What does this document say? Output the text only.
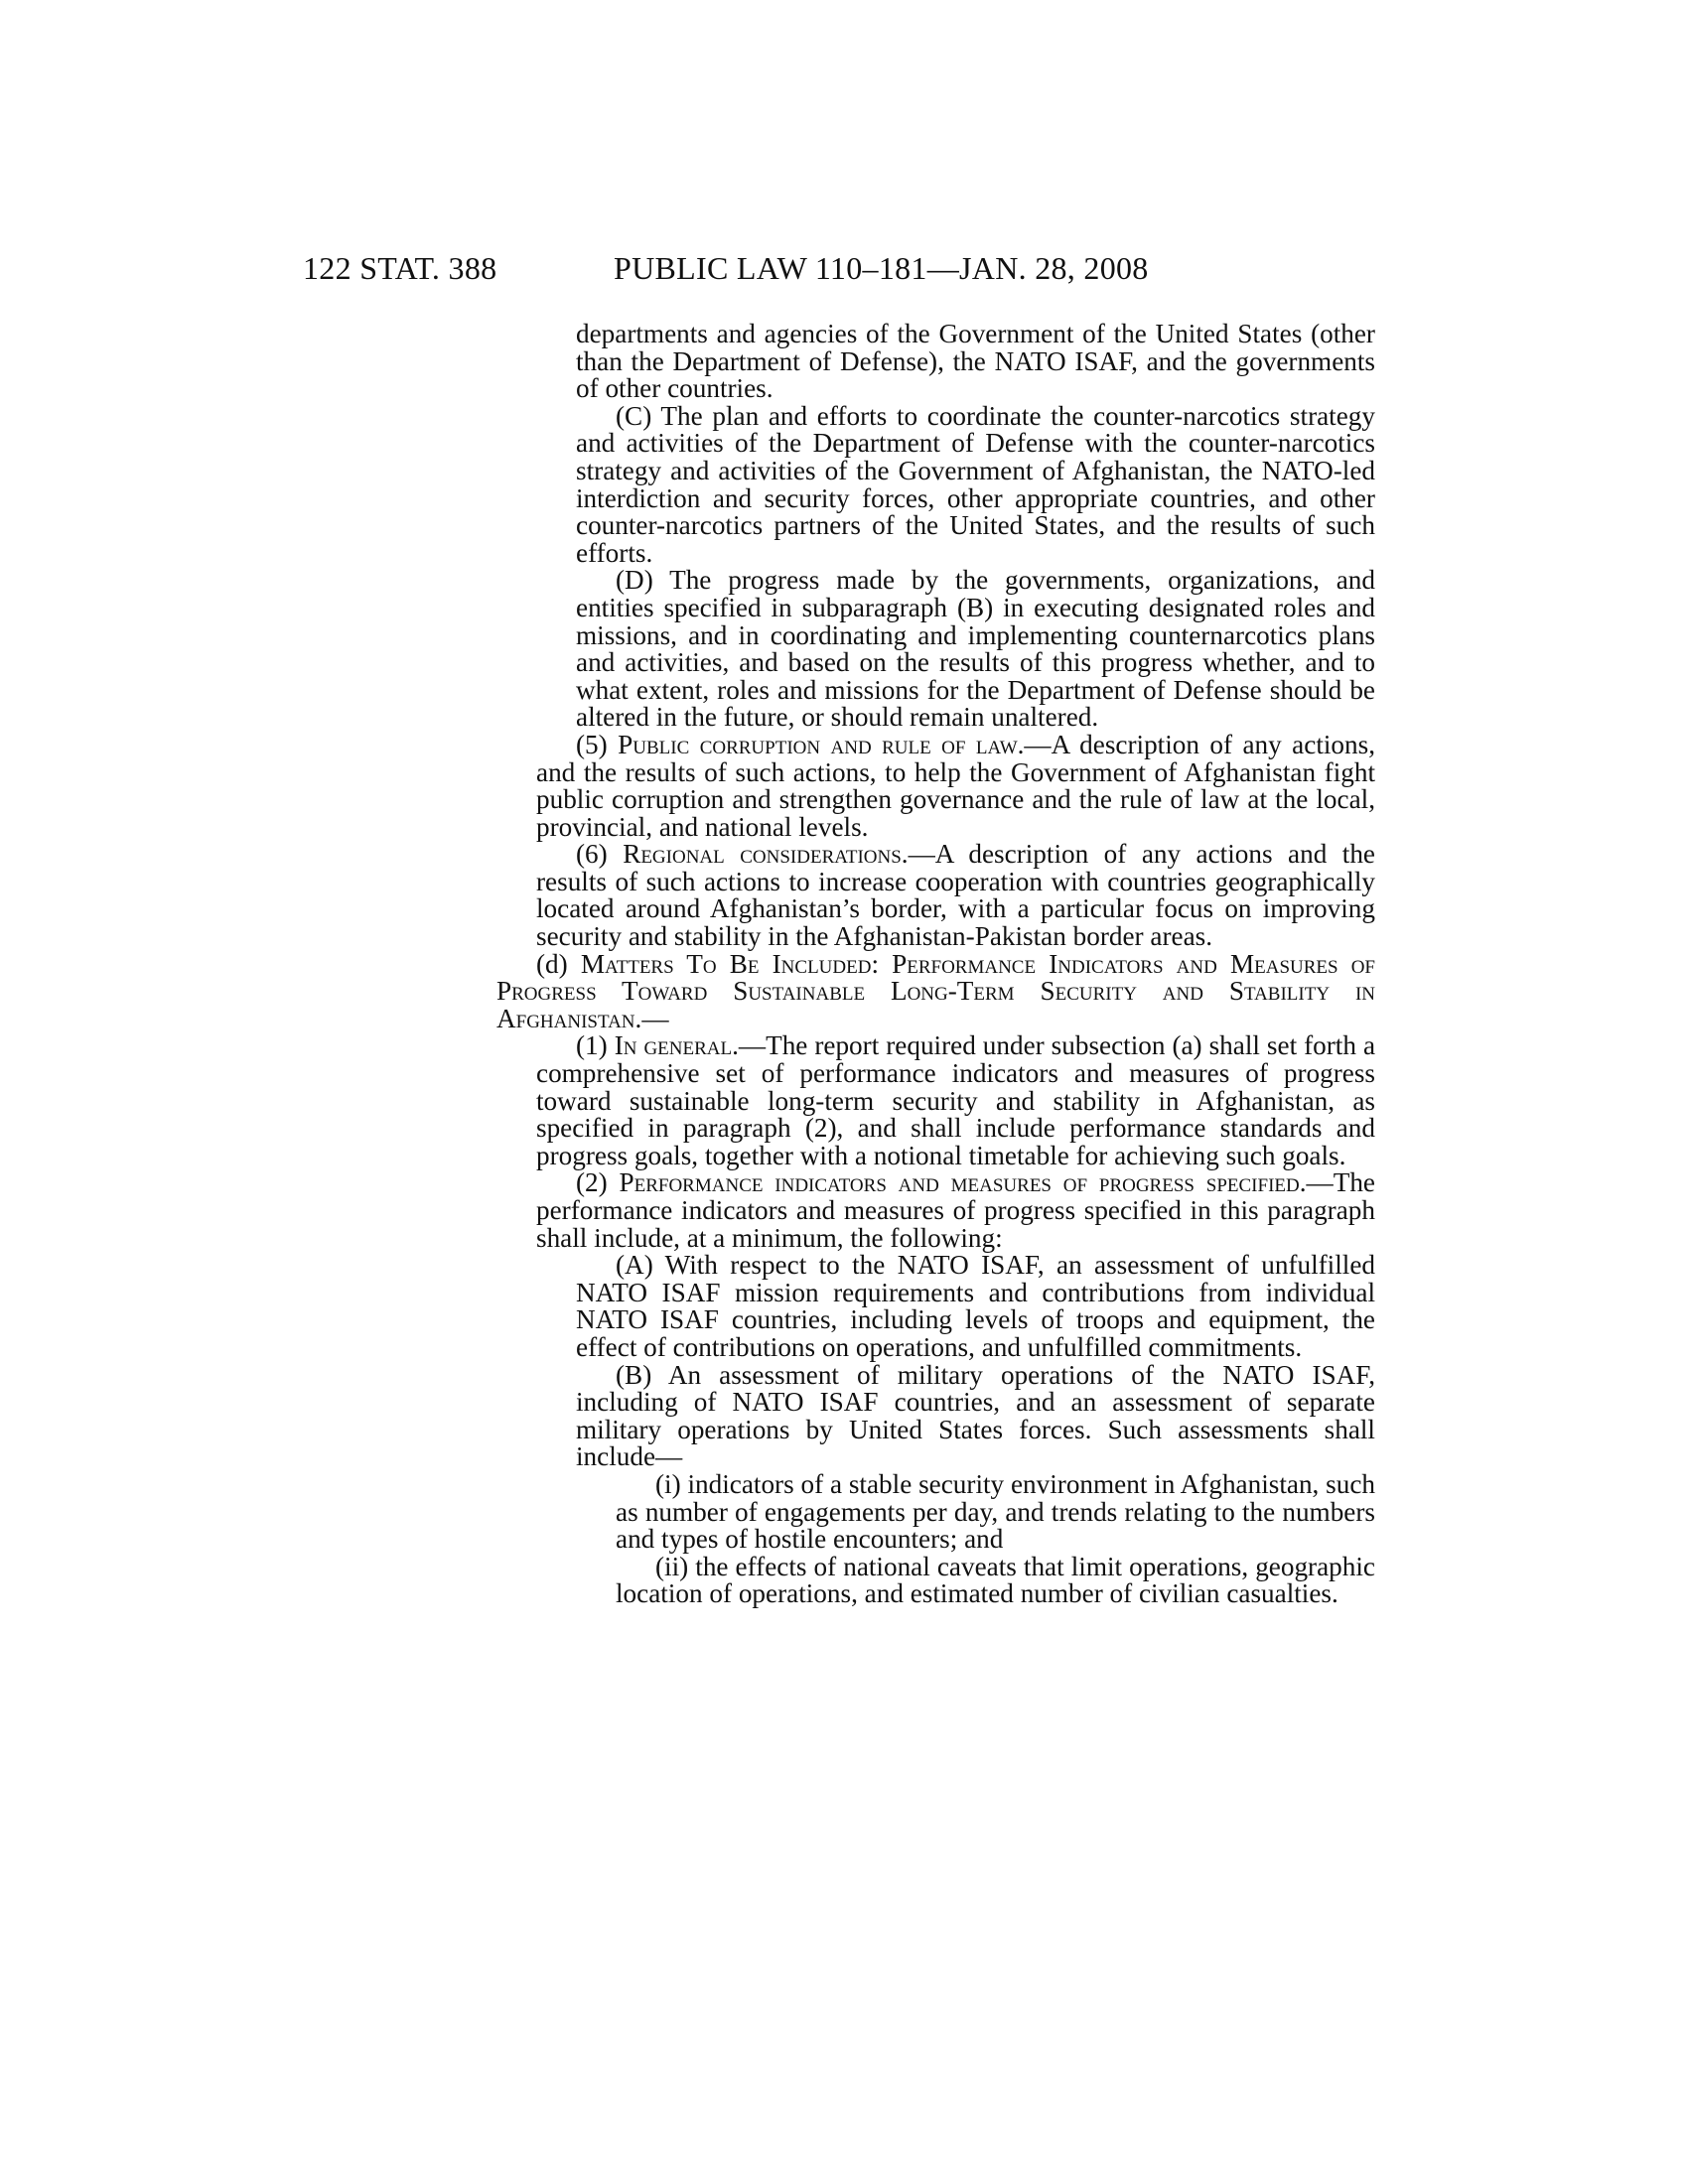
122 STAT. 388	PUBLIC LAW 110–181—JAN. 28, 2008

departments and agencies of the Government of the United States (other than the Department of Defense), the NATO ISAF, and the governments of other countries.

(C) The plan and efforts to coordinate the counter-narcotics strategy and activities of the Department of Defense with the counter-narcotics strategy and activities of the Government of Afghanistan, the NATO-led interdiction and security forces, other appropriate countries, and other counter-narcotics partners of the United States, and the results of such efforts.

(D) The progress made by the governments, organizations, and entities specified in subparagraph (B) in executing designated roles and missions, and in coordinating and implementing counternarcotics plans and activities, and based on the results of this progress whether, and to what extent, roles and missions for the Department of Defense should be altered in the future, or should remain unaltered.

(5) Public corruption and rule of law.—A description of any actions, and the results of such actions, to help the Government of Afghanistan fight public corruption and strengthen governance and the rule of law at the local, provincial, and national levels.

(6) Regional considerations.—A description of any actions and the results of such actions to increase cooperation with countries geographically located around Afghanistan’s border, with a particular focus on improving security and stability in the Afghanistan-Pakistan border areas.

(d) Matters To Be Included: Performance Indicators and Measures of Progress Toward Sustainable Long-Term Security and Stability in Afghanistan.—

(1) In general.—The report required under subsection (a) shall set forth a comprehensive set of performance indicators and measures of progress toward sustainable long-term security and stability in Afghanistan, as specified in paragraph (2), and shall include performance standards and progress goals, together with a notional timetable for achieving such goals.

(2) Performance indicators and measures of progress specified.—The performance indicators and measures of progress specified in this paragraph shall include, at a minimum, the following:

(A) With respect to the NATO ISAF, an assessment of unfulfilled NATO ISAF mission requirements and contributions from individual NATO ISAF countries, including levels of troops and equipment, the effect of contributions on operations, and unfulfilled commitments.

(B) An assessment of military operations of the NATO ISAF, including of NATO ISAF countries, and an assessment of separate military operations by United States forces. Such assessments shall include—

(i) indicators of a stable security environment in Afghanistan, such as number of engagements per day, and trends relating to the numbers and types of hostile encounters; and

(ii) the effects of national caveats that limit operations, geographic location of operations, and estimated number of civilian casualties.
